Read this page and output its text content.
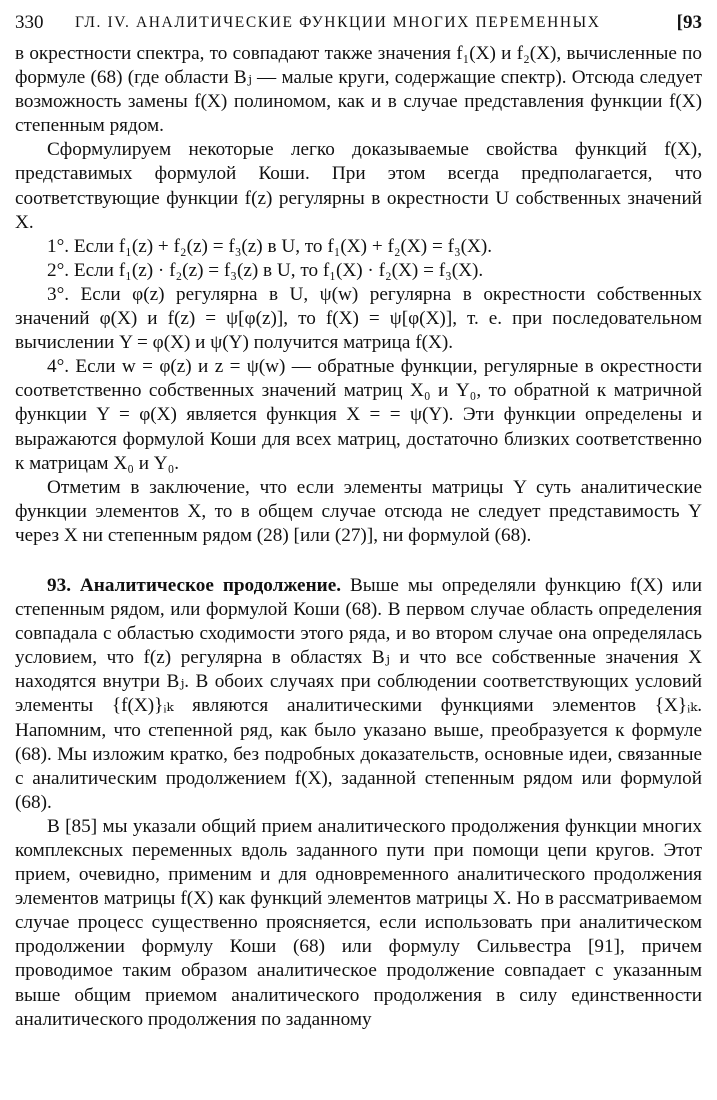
330 ГЛ. IV. АНАЛИТИЧЕСКИЕ ФУНКЦИИ МНОГИХ ПЕРЕМЕННЫХ	[93

в окрестности спектра, то совпадают также значения f₁(X) и f₂(X), вычисленные по формуле (68) (где области Bⱼ — малые круги, содержащие спектр). Отсюда следует возможность замены f(X) полиномом, как и в случае представления функции f(X) степенным рядом.

Сформулируем некоторые легко доказываемые свойства функций f(X), представимых формулой Коши. При этом всегда предполагается, что соответствующие функции f(z) регулярны в окрестности U собственных значений X.

1°. Если f₁(z) + f₂(z) = f₃(z) в U, то f₁(X) + f₂(X) = f₃(X).

2°. Если f₁(z) · f₂(z) = f₃(z) в U, то f₁(X) · f₂(X) = f₃(X).

3°. Если φ(z) регулярна в U, ψ(w) регулярна в окрестности собственных значений φ(X) и f(z) = ψ[φ(z)], то f(X) = ψ[φ(X)], т. е. при последовательном вычислении Y = φ(X) и ψ(Y) получится матрица f(X).

4°. Если w = φ(z) и z = ψ(w) — обратные функции, регулярные в окрестности соответственно собственных значений матриц X₀ и Y₀, то обратной к матричной функции Y = φ(X) является функция X = = ψ(Y). Эти функции определены и выражаются формулой Коши для всех матриц, достаточно близких соответственно к матрицам X₀ и Y₀.

Отметим в заключение, что если элементы матрицы Y суть аналитические функции элементов X, то в общем случае отсюда не следует представимость Y через X ни степенным рядом (28) [или (27)], ни формулой (68).

93. Аналитическое продолжение. Выше мы определяли функцию f(X) или степенным рядом, или формулой Коши (68). В первом случае область определения совпадала с областью сходимости этого ряда, и во втором случае она определялась условием, что f(z) регулярна в областях Bⱼ и что все собственные значения X находятся внутри Bⱼ. В обоих случаях при соблюдении соответствующих условий элементы {f(X)}ᵢₖ являются аналитическими функциями элементов {X}ᵢₖ. Напомним, что степенной ряд, как было указано выше, преобразуется к формуле (68). Мы изложим кратко, без подробных доказательств, основные идеи, связанные с аналитическим продолжением f(X), заданной степенным рядом или формулой (68).

В [85] мы указали общий прием аналитического продолжения функции многих комплексных переменных вдоль заданного пути при помощи цепи кругов. Этот прием, очевидно, применим и для одновременного аналитического продолжения элементов матрицы f(X) как функций элементов матрицы X. Но в рассматриваемом случае процесс существенно проясняется, если использовать при аналитическом продолжении формулу Коши (68) или формулу Сильвестра [91], причем проводимое таким образом аналитическое продолжение совпадает с указанным выше общим приемом аналитического продолжения в силу единственности аналитического продолжения по заданному
